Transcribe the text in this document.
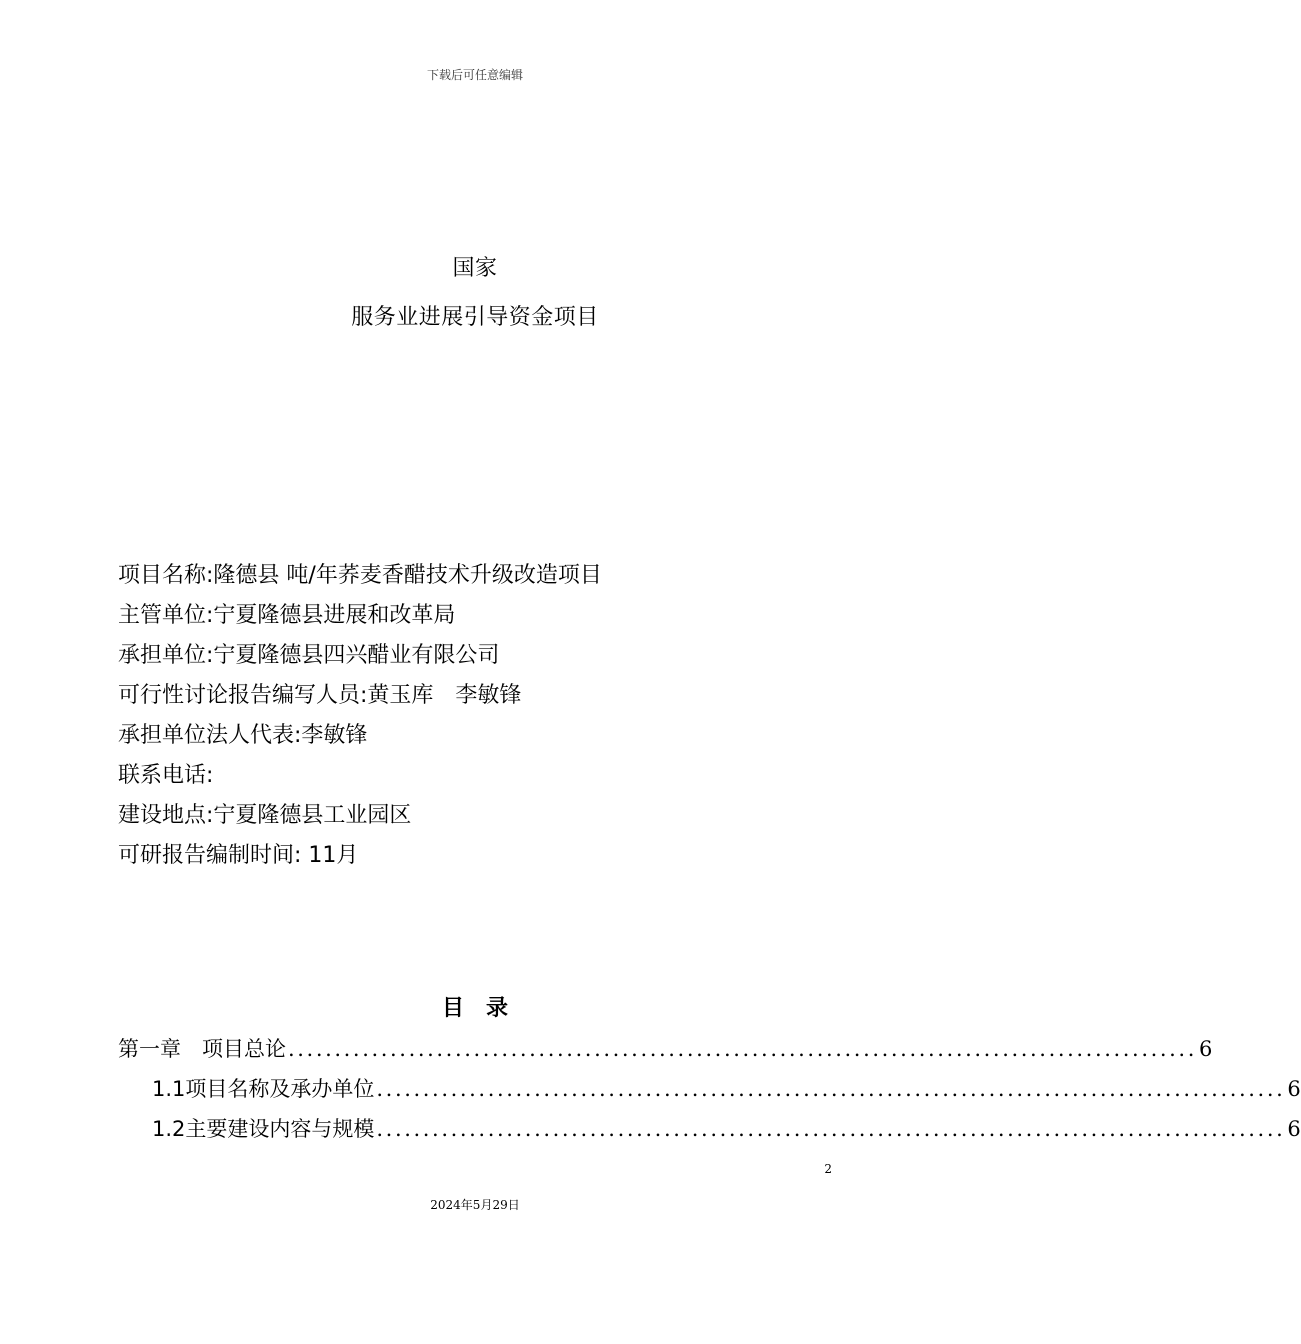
下载后可任意编辑
国家
服务业进展引导资金项目
项目名称:隆德县 吨/年荞麦香醋技术升级改造项目
主管单位:宁夏隆德县进展和改革局
承担单位:宁夏隆德县四兴醋业有限公司
可行性讨论报告编写人员:黄玉库　李敏锋
承担单位法人代表:李敏锋
联系电话:
建设地点:宁夏隆德县工业园区
可研报告编制时间: 11月
目录
第一章　项目总论 .................................................................................................. 6
1.1项目名称及承办单位 .................................................................................................. 6
1.2主要建设内容与规模 .................................................................................................. 6
2
2024年5月29日
